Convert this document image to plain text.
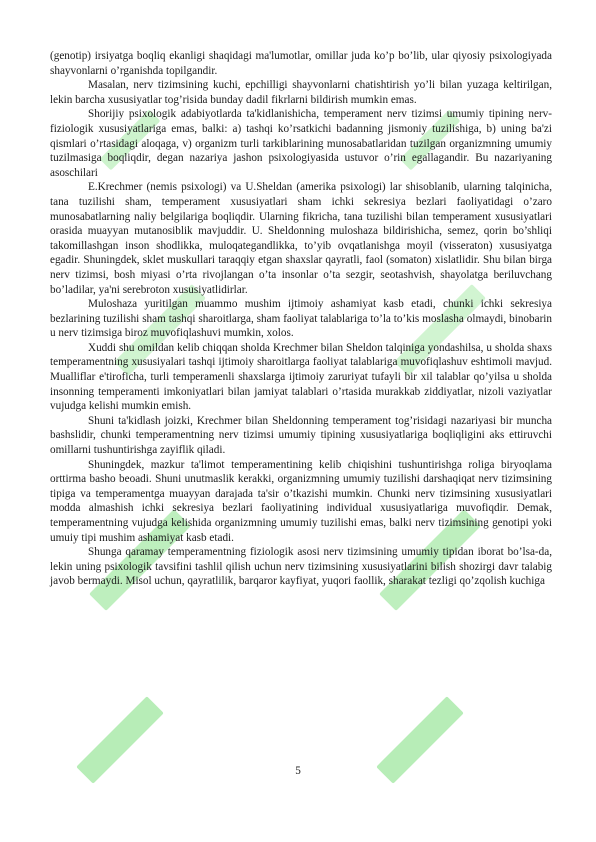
(genotip) irsiyatga boqliq ekanligi shaqidagi ma'lumotlar, omillar juda ko’p bo’lib, ular qiyosiy psixologiyada shayvonlarni o’rganishda topilgandir.

Masalan, nerv tizimsining kuchi, epchilligi shayvonlarni chatishtirish yo’li bilan yuzaga keltirilgan, lekin barcha xususiyatlar tog’risida bunday dadil fikrlarni bildirish mumkin emas.

Shorijiy psixologik adabiyotlarda ta'kidlanishicha, temperament nerv tizimsi umumiy tipining nerv-fiziologik xususiyatlariga emas, balki: a) tashqi ko’rsatkichi badanning jismoniy tuzilishiga, b) uning ba'zi qismlari o’rtasidagi aloqaga, v) organizm turli tarkiblarining munosabatlaridan tuzilgan organizmning umumiy tuzilmasiga boqliqdir, degan nazariya jashon psixologiyasida ustuvor o’rin egallagandir. Bu nazariyaning asoschilari

E.Krechmer (nemis psixologi) va U.Sheldan (amerika psixologi) lar shisoblanib, ularning talqinicha, tana tuzilishi sham, temperament xususiyatlari sham ichki sekresiya bezlari faoliyatidagi o’zaro munosabatlarning naliy belgilariga boqliqdir. Ularning fikricha, tana tuzilishi bilan temperament xususiyatlari orasida muayyan mutanosiblik mavjuddir. U. Sheldonning muloshaza bildirishicha, semez, qorin bo’shliqi takomillashgan inson shodlikka, muloqategandlikka, to’yib ovqatlanishga moyil (visseraton) xususiyatga egadir. Shuningdek, sklet muskullari taraqqiy etgan shaxslar qayratli, faol (somaton) xislatlidir. Shu bilan birga nerv tizimsi, bosh miyasi o’rta rivojlangan o’ta insonlar o’ta sezgir, seotashvish, shayolatga beriluvchang bo’ladilar, ya'ni serebroton xususiyatlidirlar.

Muloshaza yuritilgan muammo mushim ijtimoiy ashamiyat kasb etadi, chunki ichki sekresiya bezlarining tuzilishi sham tashqi sharoitlarga, sham faoliyat talablariga to’la to’kis moslasha olmaydi, binobarin u nerv tizimsiga biroz muvofiqlashuvi mumkin, xolos.

Xuddi shu omildan kelib chiqqan sholda Krechmer bilan Sheldon talqiniga yondashilsa, u sholda shaxs temperamentning xususiyalari tashqi ijtimoiy sharoitlarga faoliyat talablariga muvofiqlashuv eshtimoli mavjud. Mualliflar e'tiroficha, turli temperamenli shaxslarga ijtimoiy zaruriyat tufayli bir xil talablar qo’yilsa u sholda insonning temperamenti imkoniyatlari bilan jamiyat talablari o’rtasida murakkab ziddiyatlar, nizoli vaziyatlar vujudga kelishi mumkin emish.

Shuni ta'kidlash joizki, Krechmer bilan Sheldonning temperament tog’risidagi nazariyasi bir muncha bashslidir, chunki temperamentning nerv tizimsi umumiy tipining xususiyatlariga boqliqligini aks ettiruvchi omillarni tushuntirishga zayiflik qiladi.

Shuningdek, mazkur ta'limot temperamentining kelib chiqishini tushuntirishga roliga biryoqlama orttirma basho beoadi. Shuni unutmaslik kerakki, organizmning umumiy tuzilishi darshaqiqat nerv tizimsining tipiga va temperamentga muayyan darajada ta'sir o’tkazishi mumkin. Chunki nerv tizimsining xususiyatlari modda almashish ichki sekresiya bezlari faoliyatining individual xususiyatlariga muvofiqdir. Demak, temperamentning vujudga kelishida organizmning umumiy tuzilishi emas, balki nerv tizimsining genotipi yoki umuiy tipi mushim ashamiyat kasb etadi.

Shunga qaramay temperamentning fiziologik asosi nerv tizimsining umumiy tipidan iborat bo’lsa-da, lekin uning psixologik tavsifini tashlil qilish uchun nerv tizimsining xususiyatlarini bilish shozirgi davr talabig javob bermaydi. Misol uchun, qayratlilik, barqaror kayfiyat, yuqori faollik, sharakat tezligi qo’zqolish kuchiga

5
